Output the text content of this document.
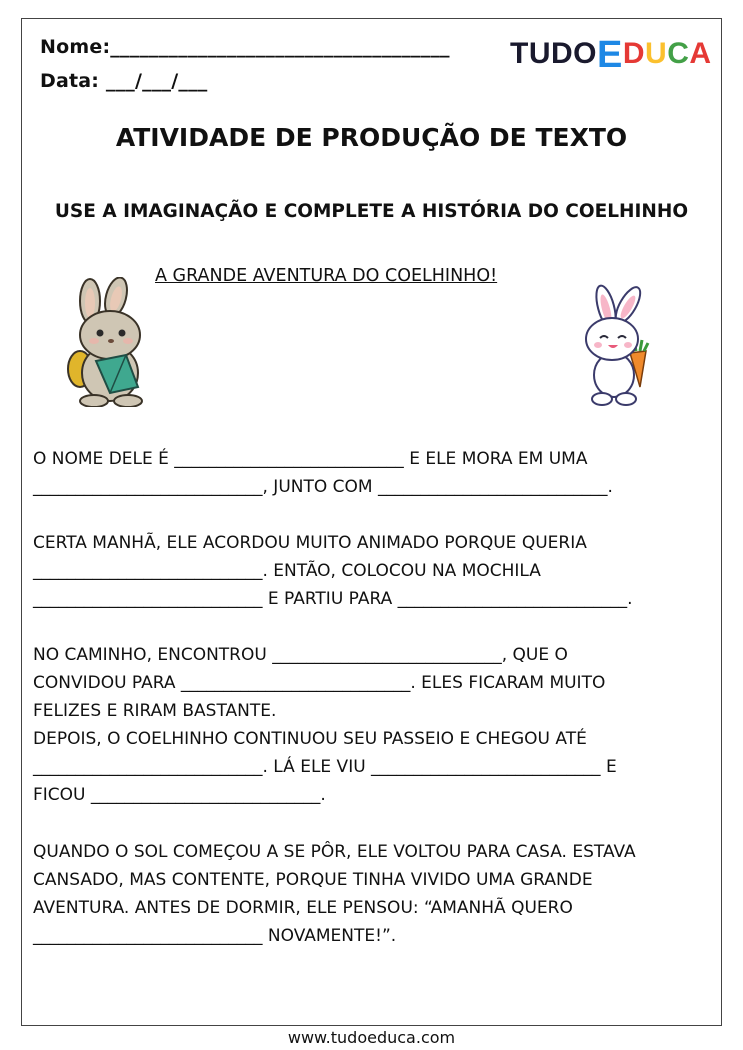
Nome:___________________________________
Data: ___/___/___
TUDOEDUCA
ATIVIDADE DE PRODUÇÃO DE TEXTO
USE A IMAGINAÇÃO E COMPLETE A HISTÓRIA DO COELHINHO
A GRANDE AVENTURA DO COELHINHO!
O NOME DELE É ___________________________ E ELE MORA EM UMA
___________________________, JUNTO COM ___________________________.
CERTA MANHÃ, ELE ACORDOU MUITO ANIMADO PORQUE QUERIA
___________________________. ENTÃO, COLOCOU NA MOCHILA
___________________________ E PARTIU PARA ___________________________.
NO CAMINHO, ENCONTROU ___________________________, QUE O
CONVIDOU PARA ___________________________. ELES FICARAM MUITO
FELIZES E RIRAM BASTANTE.
DEPOIS, O COELHINHO CONTINUOU SEU PASSEIO E CHEGOU ATÉ
___________________________. LÁ ELE VIU ___________________________ E
FICOU ___________________________.
QUANDO O SOL COMEÇOU A SE PÔR, ELE VOLTOU PARA CASA. ESTAVA
CANSADO, MAS CONTENTE, PORQUE TINHA VIVIDO UMA GRANDE
AVENTURA. ANTES DE DORMIR, ELE PENSOU: “AMANHÃ QUERO
___________________________ NOVAMENTE!”.
www.tudoeduca.com
